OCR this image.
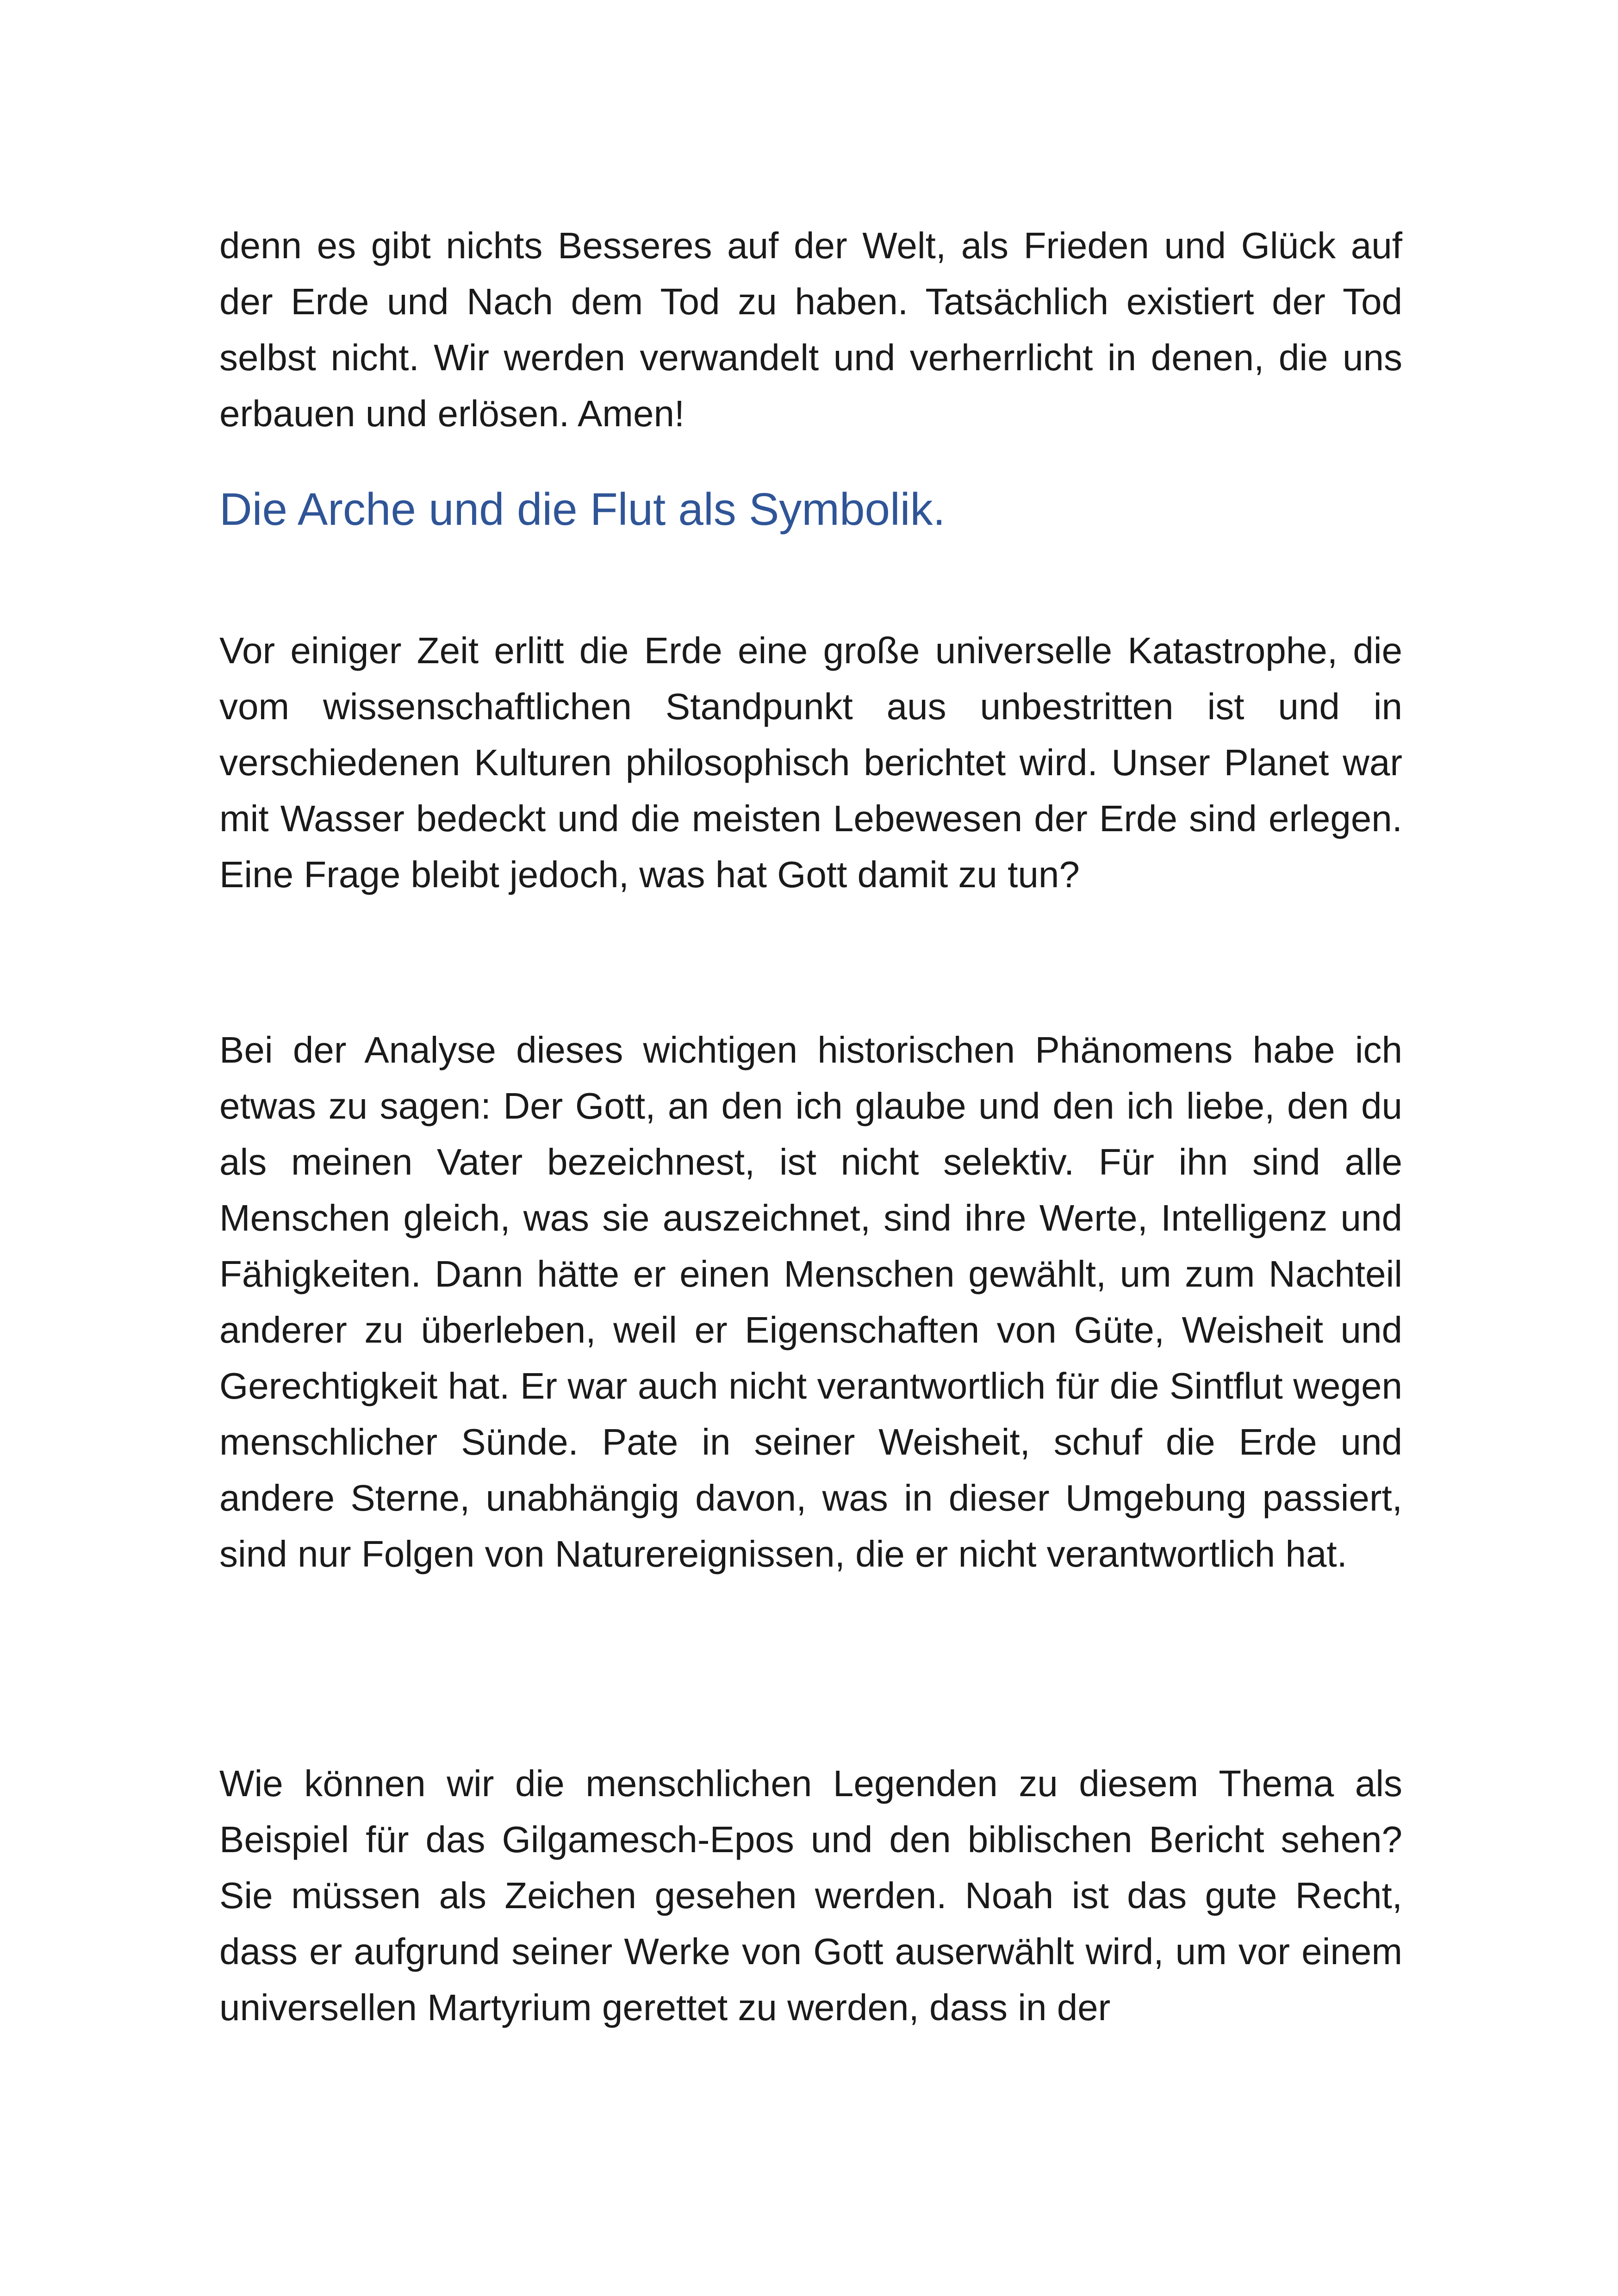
denn es gibt nichts Besseres auf der Welt, als Frieden und Glück auf der Erde und Nach dem Tod zu haben. Tatsächlich existiert der Tod selbst nicht. Wir werden verwandelt und verherrlicht in denen, die uns erbauen und erlösen. Amen!

Die Arche und die Flut als Symbolik.

Vor einiger Zeit erlitt die Erde eine große universelle Katastrophe, die vom wissenschaftlichen Standpunkt aus unbestritten ist und in verschiedenen Kulturen philosophisch berichtet wird. Unser Planet war mit Wasser bedeckt und die meisten Lebewesen der Erde sind erlegen. Eine Frage bleibt jedoch, was hat Gott damit zu tun?

Bei der Analyse dieses wichtigen historischen Phänomens habe ich etwas zu sagen: Der Gott, an den ich glaube und den ich liebe, den du als meinen Vater bezeichnest, ist nicht selektiv. Für ihn sind alle Menschen gleich, was sie auszeichnet, sind ihre Werte, Intelligenz und Fähigkeiten. Dann hätte er einen Menschen gewählt, um zum Nachteil anderer zu überleben, weil er Eigenschaften von Güte, Weisheit und Gerechtigkeit hat. Er war auch nicht verantwortlich für die Sintflut wegen menschlicher Sünde. Pate in seiner Weisheit, schuf die Erde und andere Sterne, unabhängig davon, was in dieser Umgebung passiert, sind nur Folgen von Naturereignissen, die er nicht verantwortlich hat.

Wie können wir die menschlichen Legenden zu diesem Thema als Beispiel für das Gilgamesch-Epos und den biblischen Bericht sehen? Sie müssen als Zeichen gesehen werden. Noah ist das gute Recht, dass er aufgrund seiner Werke von Gott auserwählt wird, um vor einem universellen Martyrium gerettet zu werden, dass in der
